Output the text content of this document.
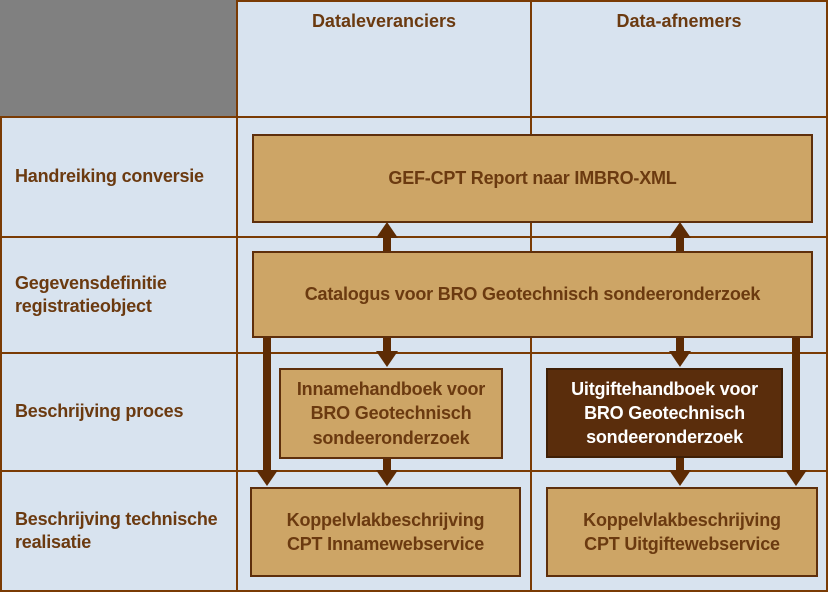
Dataleveranciers	Data-afnemers
Handreiking conversie
Gegevensdefinitie
registratieobject
Beschrijving proces
Beschrijving technische
realisatie
GEF-CPT Report naar IMBRO-XML
Catalogus voor BRO Geotechnisch sondeeronderzoek
Innamehandboek voor
BRO Geotechnisch
sondeeronderzoek
Uitgiftehandboek voor
BRO Geotechnisch
sondeeronderzoek
Koppelvlakbeschrijving
CPT Innamewebservice
Koppelvlakbeschrijving
CPT Uitgiftewebservice
